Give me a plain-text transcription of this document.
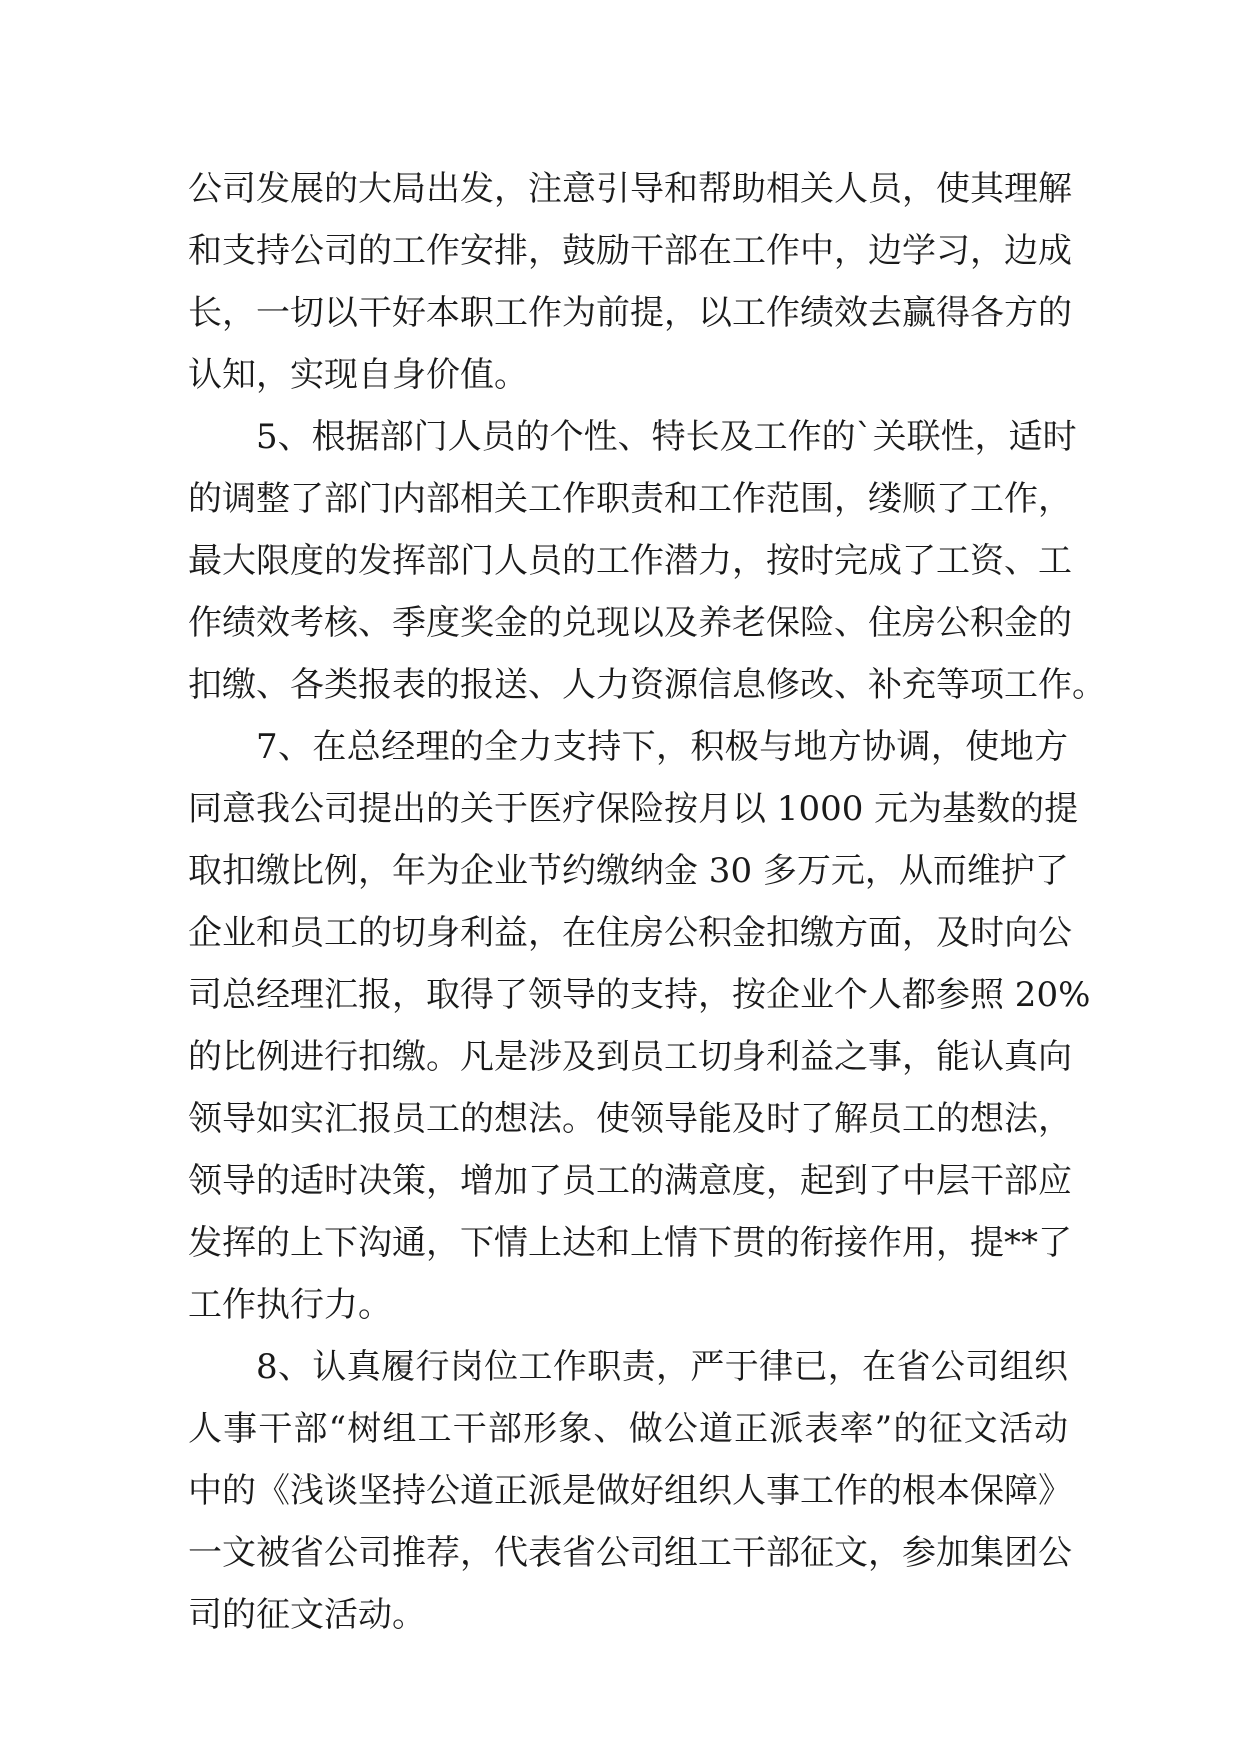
公司发展的大局出发，注意引导和帮助相关人员，使其理解
和支持公司的工作安排，鼓励干部在工作中，边学习，边成
长，一切以干好本职工作为前提，以工作绩效去赢得各方的
认知，实现自身价值。
5、根据部门人员的个性、特长及工作的`关联性，适时
的调整了部门内部相关工作职责和工作范围，缕顺了工作，
最大限度的发挥部门人员的工作潜力，按时完成了工资、工
作绩效考核、季度奖金的兑现以及养老保险、住房公积金的
扣缴、各类报表的报送、人力资源信息修改、补充等项工作。
7、在总经理的全力支持下，积极与地方协调，使地方
同意我公司提出的关于医疗保险按月以 1000 元为基数的提
取扣缴比例，年为企业节约缴纳金 30 多万元，从而维护了
企业和员工的切身利益，在住房公积金扣缴方面，及时向公
司总经理汇报，取得了领导的支持，按企业个人都参照 20%
的比例进行扣缴。凡是涉及到员工切身利益之事，能认真向
领导如实汇报员工的想法。使领导能及时了解员工的想法，
领导的适时决策，增加了员工的满意度，起到了中层干部应
发挥的上下沟通，下情上达和上情下贯的衔接作用，提**了
工作执行力。
8、认真履行岗位工作职责，严于律已，在省公司组织
人事干部“树组工干部形象、做公道正派表率”的征文活动
中的《浅谈坚持公道正派是做好组织人事工作的根本保障》
一文被省公司推荐，代表省公司组工干部征文，参加集团公
司的征文活动。
